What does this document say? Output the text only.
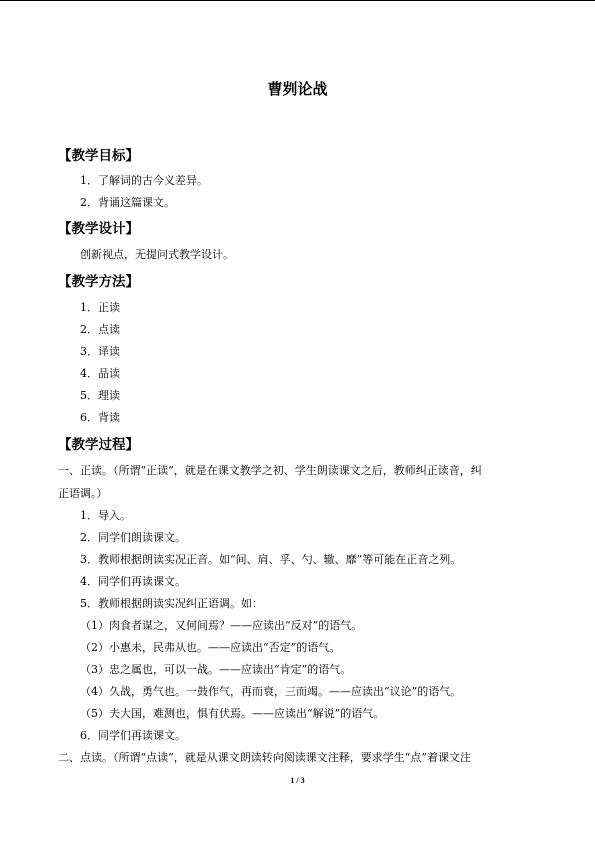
曹刿论战
【教学目标】
1．了解词的古今义差异。
2．背诵这篇课文。
【教学设计】
创新视点，无提问式教学设计。
【教学方法】
1．正读
2．点读
3．译读
4．品读
5．理读
6．背读
【教学过程】
一、正读。（所谓“正读”，就是在课文教学之初、学生朗读课文之后，教师纠正读音，纠
正语调。）
1．导入。
2．同学们朗读课文。
3．教师根据朗读实况正音。如“间、肩、孚、勺、辙、靡”等可能在正音之列。
4．同学们再读课文。
5．教师根据朗读实况纠正语调。如：
（1）肉食者谋之，又何间焉？——应读出“反对”的语气。
（2）小惠未，民弗从也。——应读出“否定”的语气。
（3）忠之属也，可以一战。——应读出“肯定”的语气。
（4）久战，勇气也。一鼓作气，再而衰，三而竭。——应读出“议论”的语气。
（5）夫大国，难测也，惧有伏焉。——应读出“解说”的语气。
6．同学们再读课文。
二、点读。（所谓“点读”，就是从课文朗读转向阅读课文注释，要求学生“点”着课文注
1 / 3
